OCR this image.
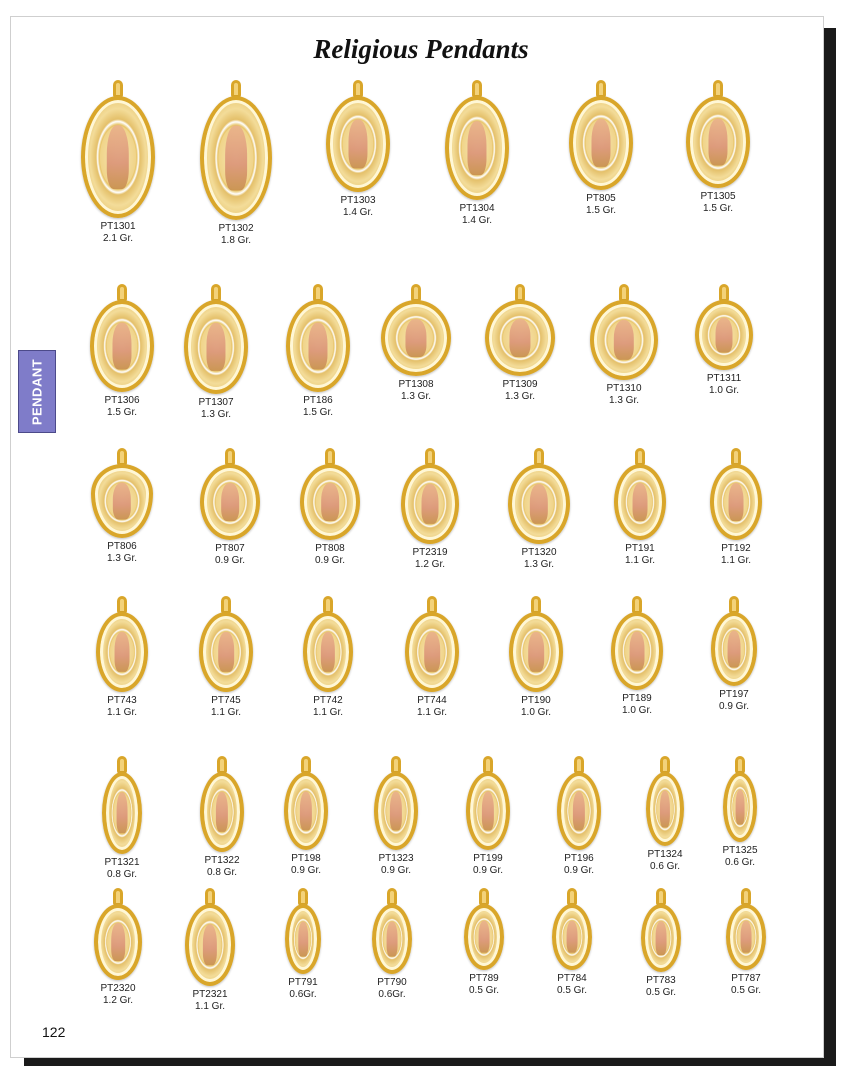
Religious Pendants
PENDANT
122
PT1301
2.1 Gr.
PT1302
1.8 Gr.
PT1303
1.4 Gr.	PT1304
1.4 Gr.
PT805
1.5 Gr.
PT1305
1.5 Gr.
PT1306
1.5 Gr.
PT1307
1.3 Gr.
PT186
1.5 Gr.
PT1308
1.3 Gr.
PT1309
1.3 Gr.
PT1310
1.3 Gr.
PT1311
1.0 Gr.
PT806
1.3 Gr.
PT807
0.9 Gr.
PT808
0.9 Gr.
PT2319
1.2 Gr.
PT1320
1.3 Gr.
PT191
1.1 Gr.
PT192
1.1 Gr.
PT743
1.1 Gr.
PT745
1.1 Gr.
PT742
1.1 Gr.
PT744
1.1 Gr.
PT190
1.0 Gr.
PT189
1.0 Gr.
PT197
0.9 Gr.
PT1321
0.8 Gr.
PT1322
0.8 Gr.
PT198
0.9 Gr.
PT1323
0.9 Gr.
PT199
0.9 Gr.
PT196
0.9 Gr.
PT1324
0.6 Gr.
PT1325
0.6 Gr.
PT2320
1.2 Gr.
PT2321
1.1 Gr.
PT791
0.6Gr.
PT790
0.6Gr.
PT789
0.5 Gr.
PT784
0.5 Gr.
PT783
0.5 Gr.
PT787
0.5 Gr.
